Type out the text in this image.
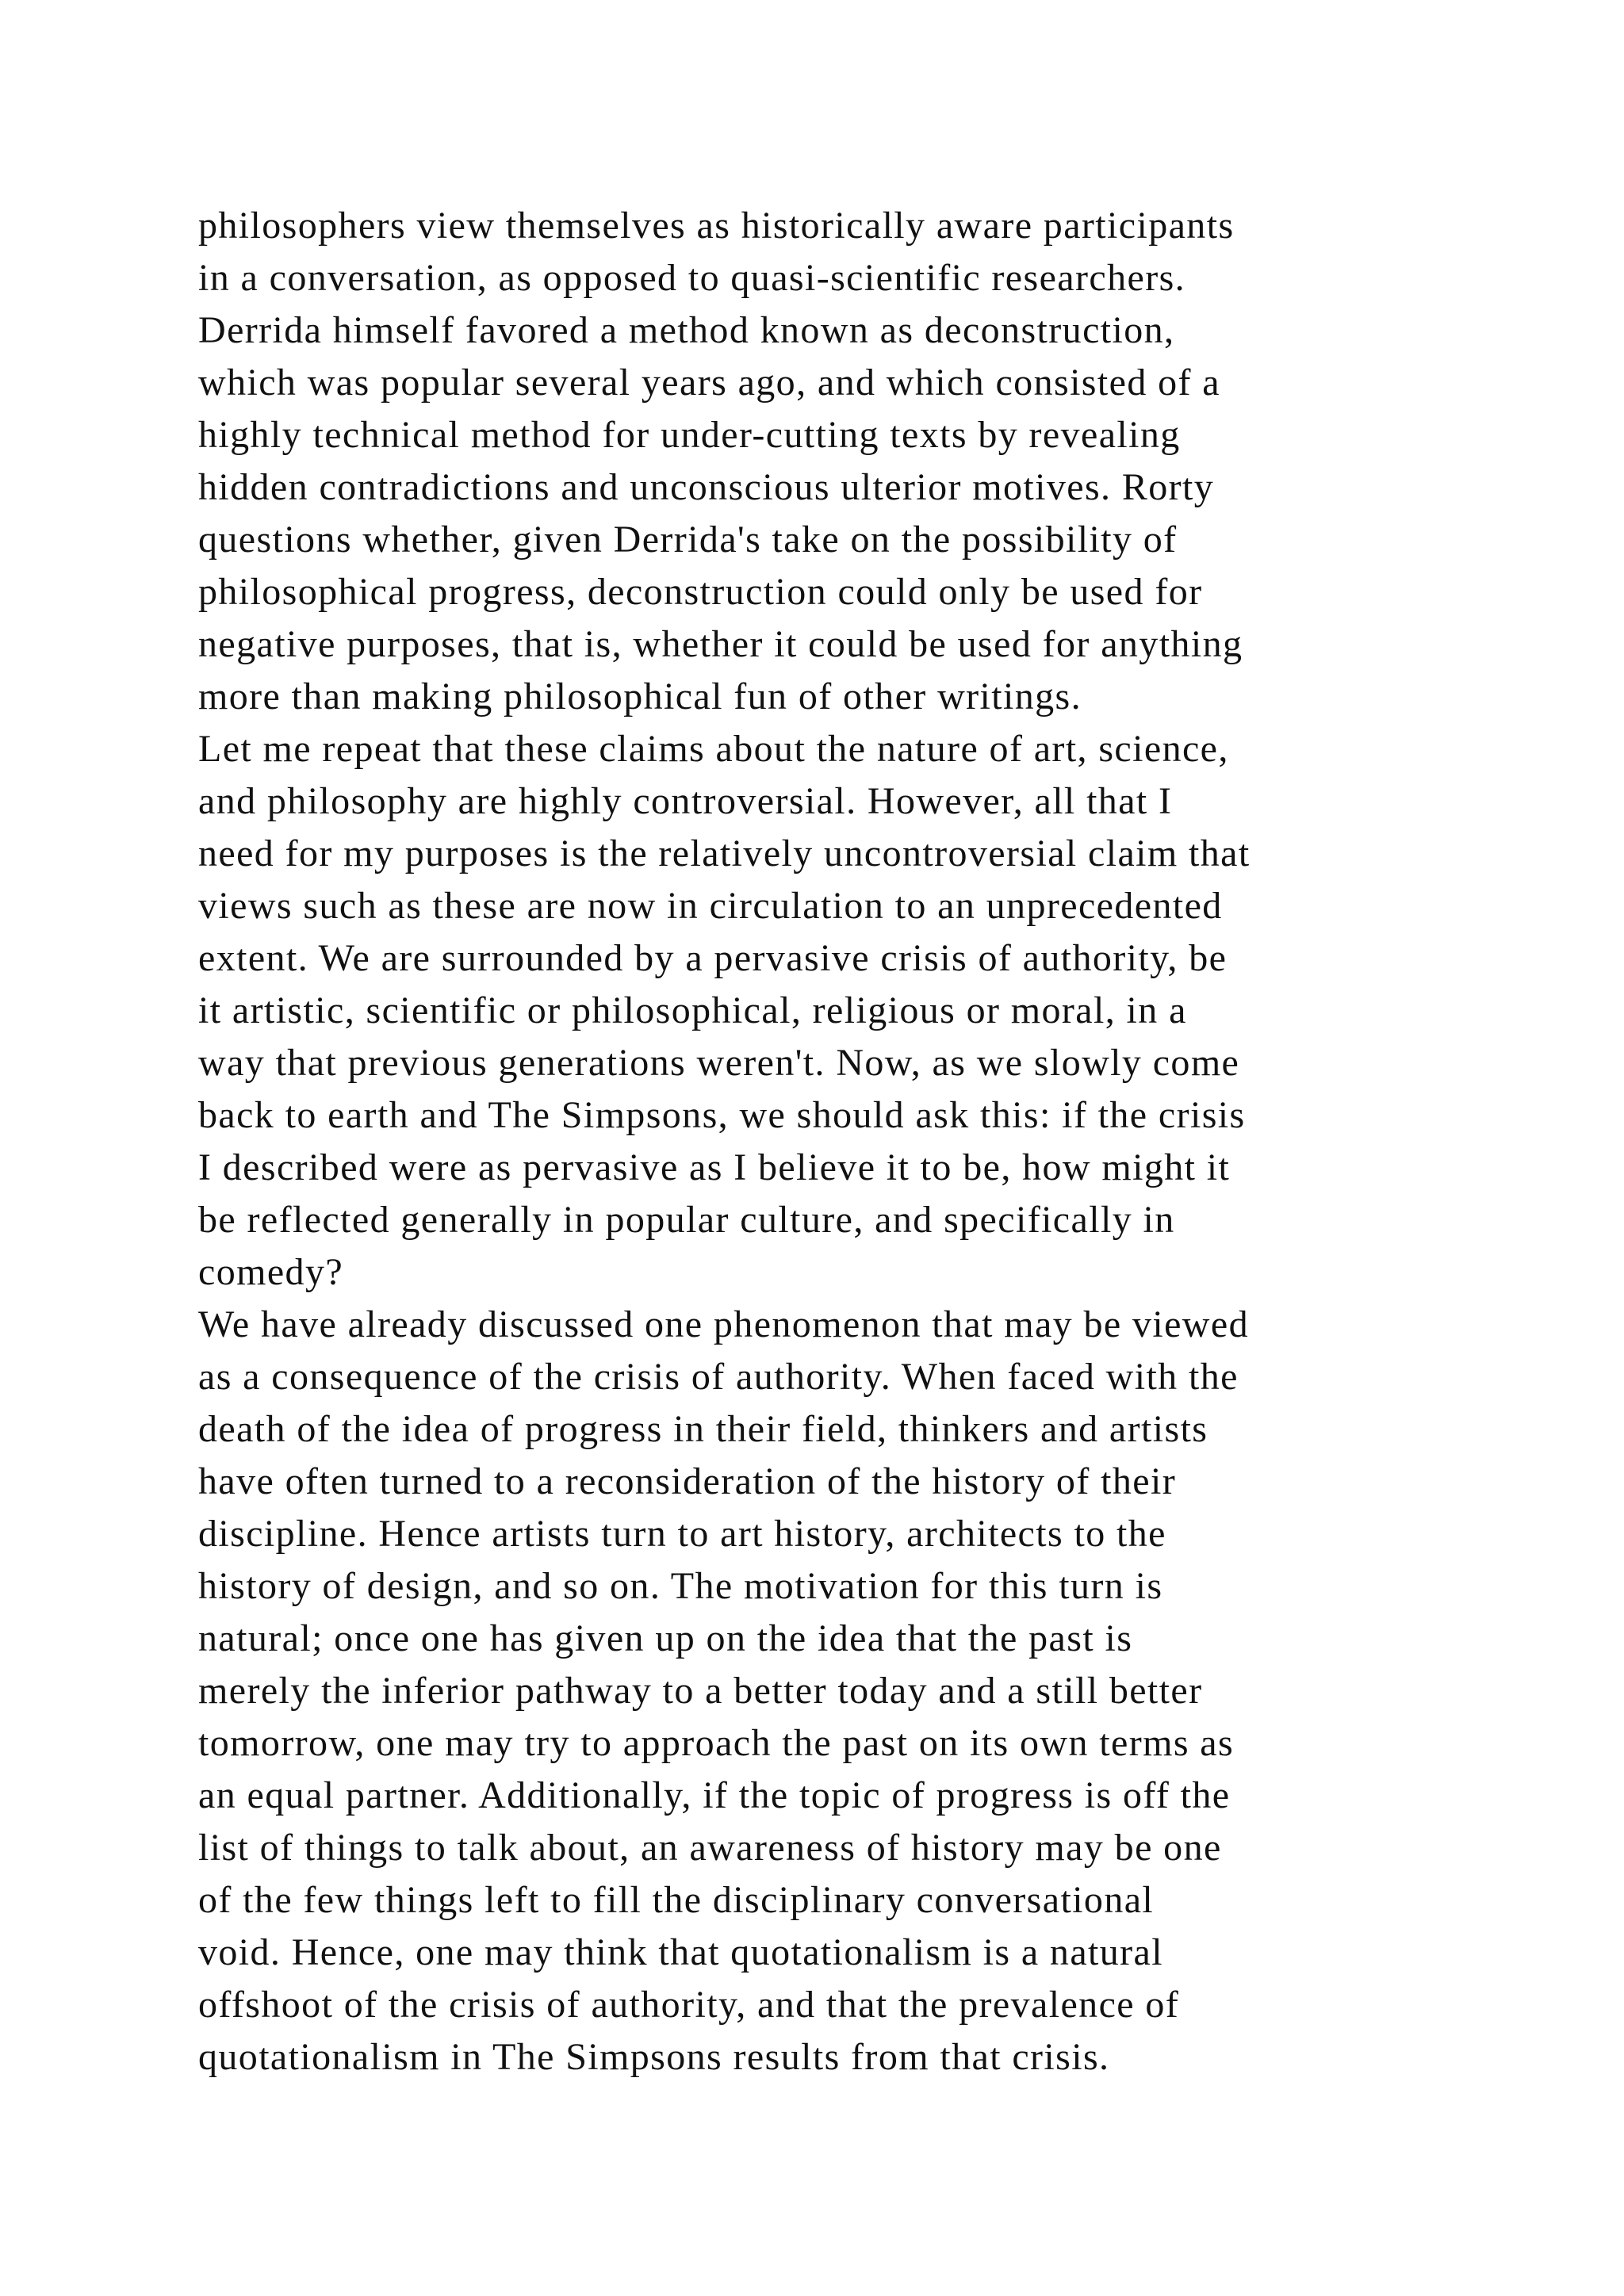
philosophers view themselves as historically aware participants
in a conversation, as opposed to quasi-scientific researchers.
Derrida himself favored a method known as deconstruction,
which was popular several years ago, and which consisted of a
highly technical method for under-cutting texts by revealing
hidden contradictions and unconscious ulterior motives. Rorty
questions whether, given Derrida's take on the possibility of
philosophical progress, deconstruction could only be used for
negative purposes, that is, whether it could be used for anything
more than making philosophical fun of other writings.
Let me repeat that these claims about the nature of art, science,
and philosophy are highly controversial. However, all that I
need for my purposes is the relatively uncontroversial claim that
views such as these are now in circulation to an unprecedented
extent. We are surrounded by a pervasive crisis of authority, be
it artistic, scientific or philosophical, religious or moral, in a
way that previous generations weren't. Now, as we slowly come
back to earth and The Simpsons, we should ask this: if the crisis
I described were as pervasive as I believe it to be, how might it
be reflected generally in popular culture, and specifically in
comedy?
We have already discussed one phenomenon that may be viewed
as a consequence of the crisis of authority. When faced with the
death of the idea of progress in their field, thinkers and artists
have often turned to a reconsideration of the history of their
discipline. Hence artists turn to art history, architects to the
history of design, and so on. The motivation for this turn is
natural; once one has given up on the idea that the past is
merely the inferior pathway to a better today and a still better
tomorrow, one may try to approach the past on its own terms as
an equal partner. Additionally, if the topic of progress is off the
list of things to talk about, an awareness of history may be one
of the few things left to fill the disciplinary conversational
void. Hence, one may think that quotationalism is a natural
offshoot of the crisis of authority, and that the prevalence of
quotationalism in The Simpsons results from that crisis.
